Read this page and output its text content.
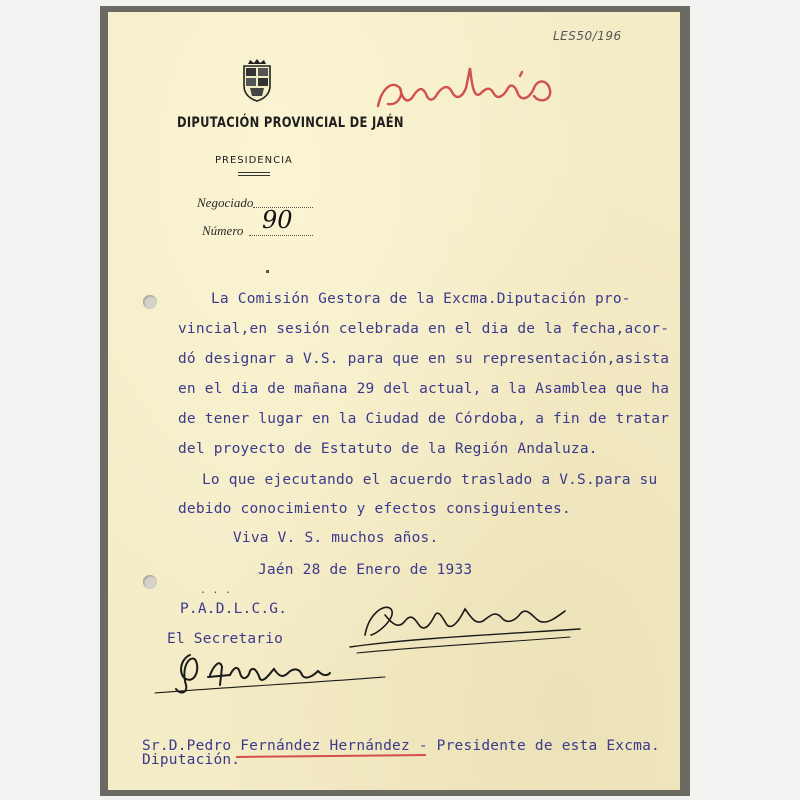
LES50/196
Archivo
DIPUTACIÓN PROVINCIAL DE JAÉN
PRESIDENCIA
Negociado
Número 90
La Comisión Gestora de la Excma.Diputación pro-
vincial,en sesión celebrada en el dia de la fecha,acor-
dó designar a V.S. para que en su representación,asista
en el dia de mañana 29 del actual, a la Asamblea que ha
de tener lugar en la Ciudad de Córdoba, a fin de tratar
del proyecto de Estatuto de la Región Andaluza.
Lo que ejecutando el acuerdo traslado a V.S.para su
debido conocimiento y efectos consiguientes.
Viva V. S. muchos años.
Jaén 28 de Enero de 1933
. . .
P.A.D.L.C.G.
El Secretario
Sr.D.Pedro Fernández Hernández - Presidente de esta Excma.
Diputación.
